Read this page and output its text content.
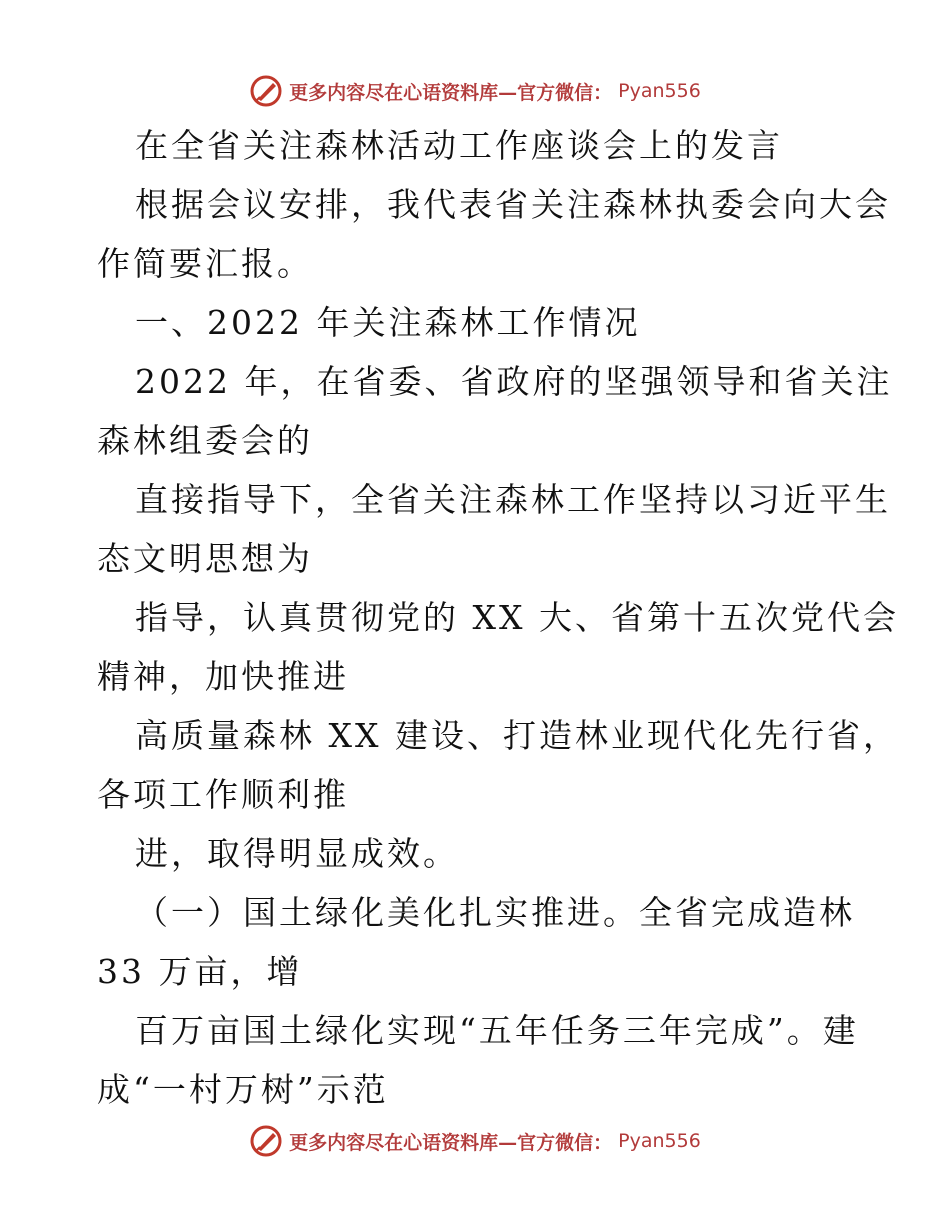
更多内容尽在心语资料库—官方微信： Pyan556
在全省关注森林活动工作座谈会上的发言
根据会议安排，我代表省关注森林执委会向大会
作简要汇报。
一、2022 年关注森林工作情况
2022 年，在省委、省政府的坚强领导和省关注
森林组委会的
直接指导下，全省关注森林工作坚持以习近平生
态文明思想为
指导，认真贯彻党的 XX 大、省第十五次党代会
精神，加快推进
高质量森林 XX 建设、打造林业现代化先行省，
各项工作顺利推
进，取得明显成效。
（一）国土绿化美化扎实推进。全省完成造林
33 万亩，增
百万亩国土绿化实现“五年任务三年完成”。建
成“一村万树”示范
更多内容尽在心语资料库—官方微信： Pyan556
